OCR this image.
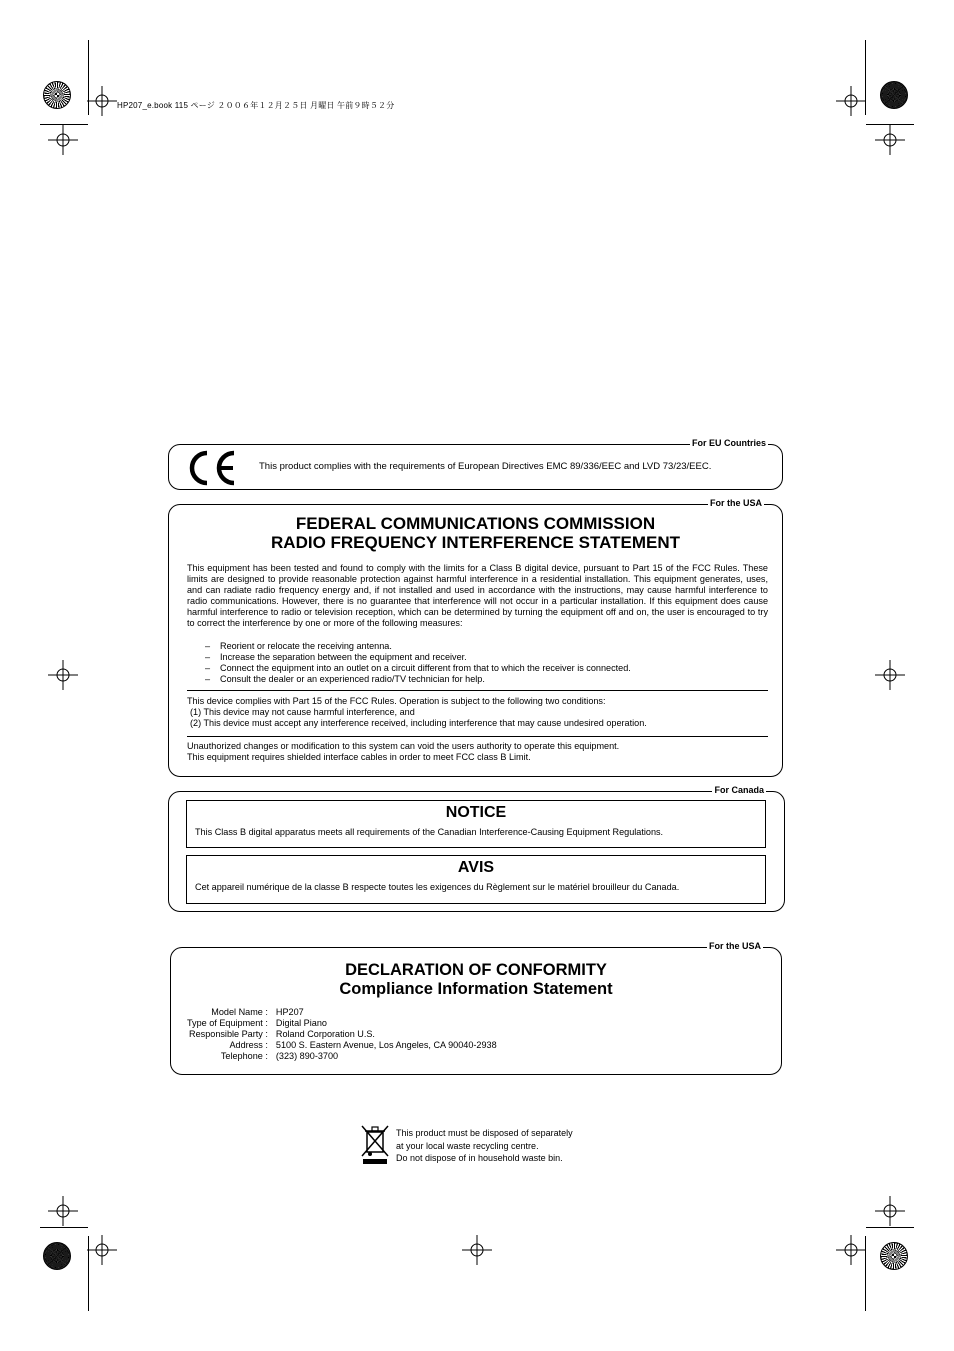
HP207_e.book 115 ページ ２００６年１２月２５日 月曜日 午前９時５２分
For EU Countries
This product complies with the requirements of European Directives EMC 89/336/EEC and LVD 73/23/EEC.
For the USA
FEDERAL COMMUNICATIONS COMMISSION
RADIO FREQUENCY INTERFERENCE STATEMENT
This equipment has been tested and found to comply with the limits for a Class B digital device, pursuant to Part 15 of the FCC Rules. These limits are designed to provide reasonable protection against harmful interference in a residential installation. This equipment generates, uses, and can radiate radio frequency energy and, if not installed and used in accordance with the instructions, may cause harmful interference to radio communications. However, there is no guarantee that interference will not occur in a particular installation. If this equipment does cause harmful interference to radio or television reception, which can be determined by turning the equipment off and on, the user is encouraged to try to correct the interference by one or more of the following measures:
– Reorient or relocate the receiving antenna.
– Increase the separation between the equipment and receiver.
– Connect the equipment into an outlet on a circuit different from that to which the receiver is connected.
– Consult the dealer or an experienced radio/TV technician for help.
This device complies with Part 15 of the FCC Rules. Operation is subject to the following two conditions:
(1) This device may not cause harmful interference, and
(2) This device must accept any interference received, including interference that may cause undesired operation.
Unauthorized changes or modification to this system can void the users authority to operate this equipment.
This equipment requires shielded interface cables in order to meet FCC class B Limit.
For Canada
NOTICE
This Class B digital apparatus meets all requirements of the Canadian Interference-Causing Equipment Regulations.
AVIS
Cet appareil numérique de la classe B respecte toutes les exigences du Règlement sur le matériel brouilleur du Canada.
For the USA
DECLARATION OF CONFORMITY
Compliance Information Statement
Model Name :	HP207
Type of Equipment :	Digital Piano
Responsible Party :	Roland Corporation U.S.
Address :	5100 S. Eastern Avenue, Los Angeles, CA 90040-2938
Telephone :	(323) 890-3700
This product must be disposed of separately
at your local waste recycling centre.
Do not dispose of in household waste bin.
